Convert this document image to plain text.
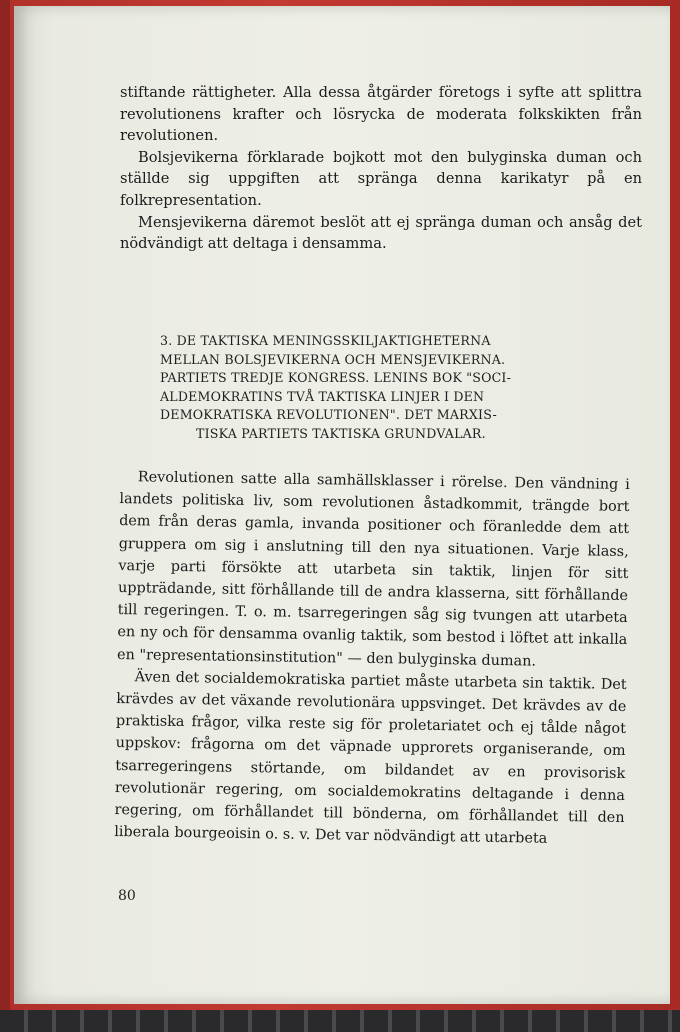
stiftande rättigheter. Alla dessa åtgärder företogs i syfte att splittra revolutionens krafter och lösrycka de moderata folkskikten från revolutionen.

Bolsjevikerna förklarade bojkott mot den bulyginska duman och ställde sig uppgiften att spränga denna karikatyr på en folkrepresentation.

Mensjevikerna däremot beslöt att ej spränga duman och ansåg det nödvändigt att deltaga i densamma.

3. DE TAKTISKA MENINGSSKILJAKTIGHETERNA
MELLAN BOLSJEVIKERNA OCH MENSJEVIKERNA.
PARTIETS TREDJE KONGRESS. LENINS BOK "SOCI-
ALDEMOKRATINS TVÅ TAKTISKA LINJER I DEN
DEMOKRATISKA REVOLUTIONEN". DET MARXIS-
TISKA PARTIETS TAKTISKA GRUNDVALAR.

Revolutionen satte alla samhällsklasser i rörelse. Den vändning i landets politiska liv, som revolutionen åstadkommit, trängde bort dem från deras gamla, invanda positioner och föranledde dem att gruppera om sig i anslutning till den nya situationen. Varje klass, varje parti försökte att utarbeta sin taktik, linjen för sitt uppträdande, sitt förhållande till de andra klasserna, sitt förhållande till regeringen. T. o. m. tsarregeringen såg sig tvungen att utarbeta en ny och för densamma ovanlig taktik, som bestod i löftet att inkalla en "representationsinstitution" — den bulyginska duman.

Även det socialdemokratiska partiet måste utarbeta sin taktik. Det krävdes av det växande revolutionära uppsvinget. Det krävdes av de praktiska frågor, vilka reste sig för proletariatet och ej tålde något uppskov: frågorna om det väpnade upprorets organiserande, om tsarregeringens störtande, om bildandet av en provisorisk revolutionär regering, om socialdemokratins deltagande i denna regering, om förhållandet till bönderna, om förhållandet till den liberala bourgeoisin o. s. v. Det var nödvändigt att utarbeta

80
